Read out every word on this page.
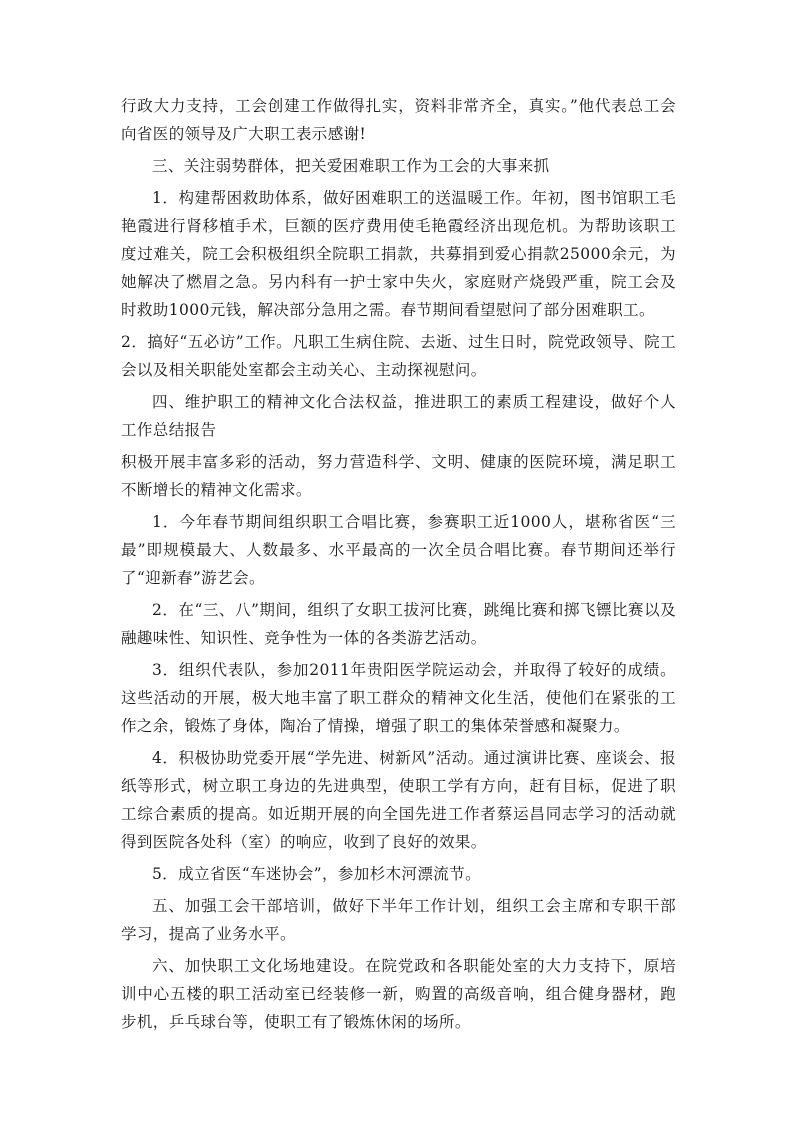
行政大力支持，工会创建工作做得扎实，资料非常齐全，真实。”他代表总工会向省医的领导及广大职工表示感谢!

三、关注弱势群体，把关爱困难职工作为工会的大事来抓

1．构建帮困救助体系，做好困难职工的送温暖工作。年初，图书馆职工毛艳霞进行肾移植手术，巨额的医疗费用使毛艳霞经济出现危机。为帮助该职工度过难关，院工会积极组织全院职工捐款，共募捐到爱心捐款25000余元，为她解决了燃眉之急。另内科有一护士家中失火，家庭财产烧毁严重，院工会及时救助1000元钱，解决部分急用之需。春节期间看望慰问了部分困难职工。

2．搞好“五必访”工作。凡职工生病住院、去逝、过生日时，院党政领导、院工会以及相关职能处室都会主动关心、主动探视慰问。

四、维护职工的精神文化合法权益，推进职工的素质工程建设，做好个人工作总结报告

积极开展丰富多彩的活动，努力营造科学、文明、健康的医院环境，满足职工不断增长的精神文化需求。

1．今年春节期间组织职工合唱比赛，参赛职工近1000人，堪称省医“三最”即规模最大、人数最多、水平最高的一次全员合唱比赛。春节期间还举行了“迎新春”游艺会。

2．在“三、八”期间，组织了女职工拔河比赛，跳绳比赛和掷飞镖比赛以及融趣味性、知识性、竞争性为一体的各类游艺活动。

3．组织代表队，参加2011年贵阳医学院运动会，并取得了较好的成绩。这些活动的开展，极大地丰富了职工群众的精神文化生活，使他们在紧张的工作之余，锻炼了身体，陶冶了情操，增强了职工的集体荣誉感和凝聚力。

4．积极协助党委开展“学先进、树新风”活动。通过演讲比赛、座谈会、报纸等形式，树立职工身边的先进典型，使职工学有方向，赶有目标，促进了职工综合素质的提高。如近期开展的向全国先进工作者蔡运昌同志学习的活动就得到医院各处科（室）的响应，收到了良好的效果。

5．成立省医“车迷协会”，参加杉木河漂流节。

五、加强工会干部培训，做好下半年工作计划，组织工会主席和专职干部学习，提高了业务水平。

六、加快职工文化场地建设。在院党政和各职能处室的大力支持下，原培训中心五楼的职工活动室已经装修一新，购置的高级音响，组合健身器材，跑步机，乒乓球台等，使职工有了锻炼休闲的场所。
